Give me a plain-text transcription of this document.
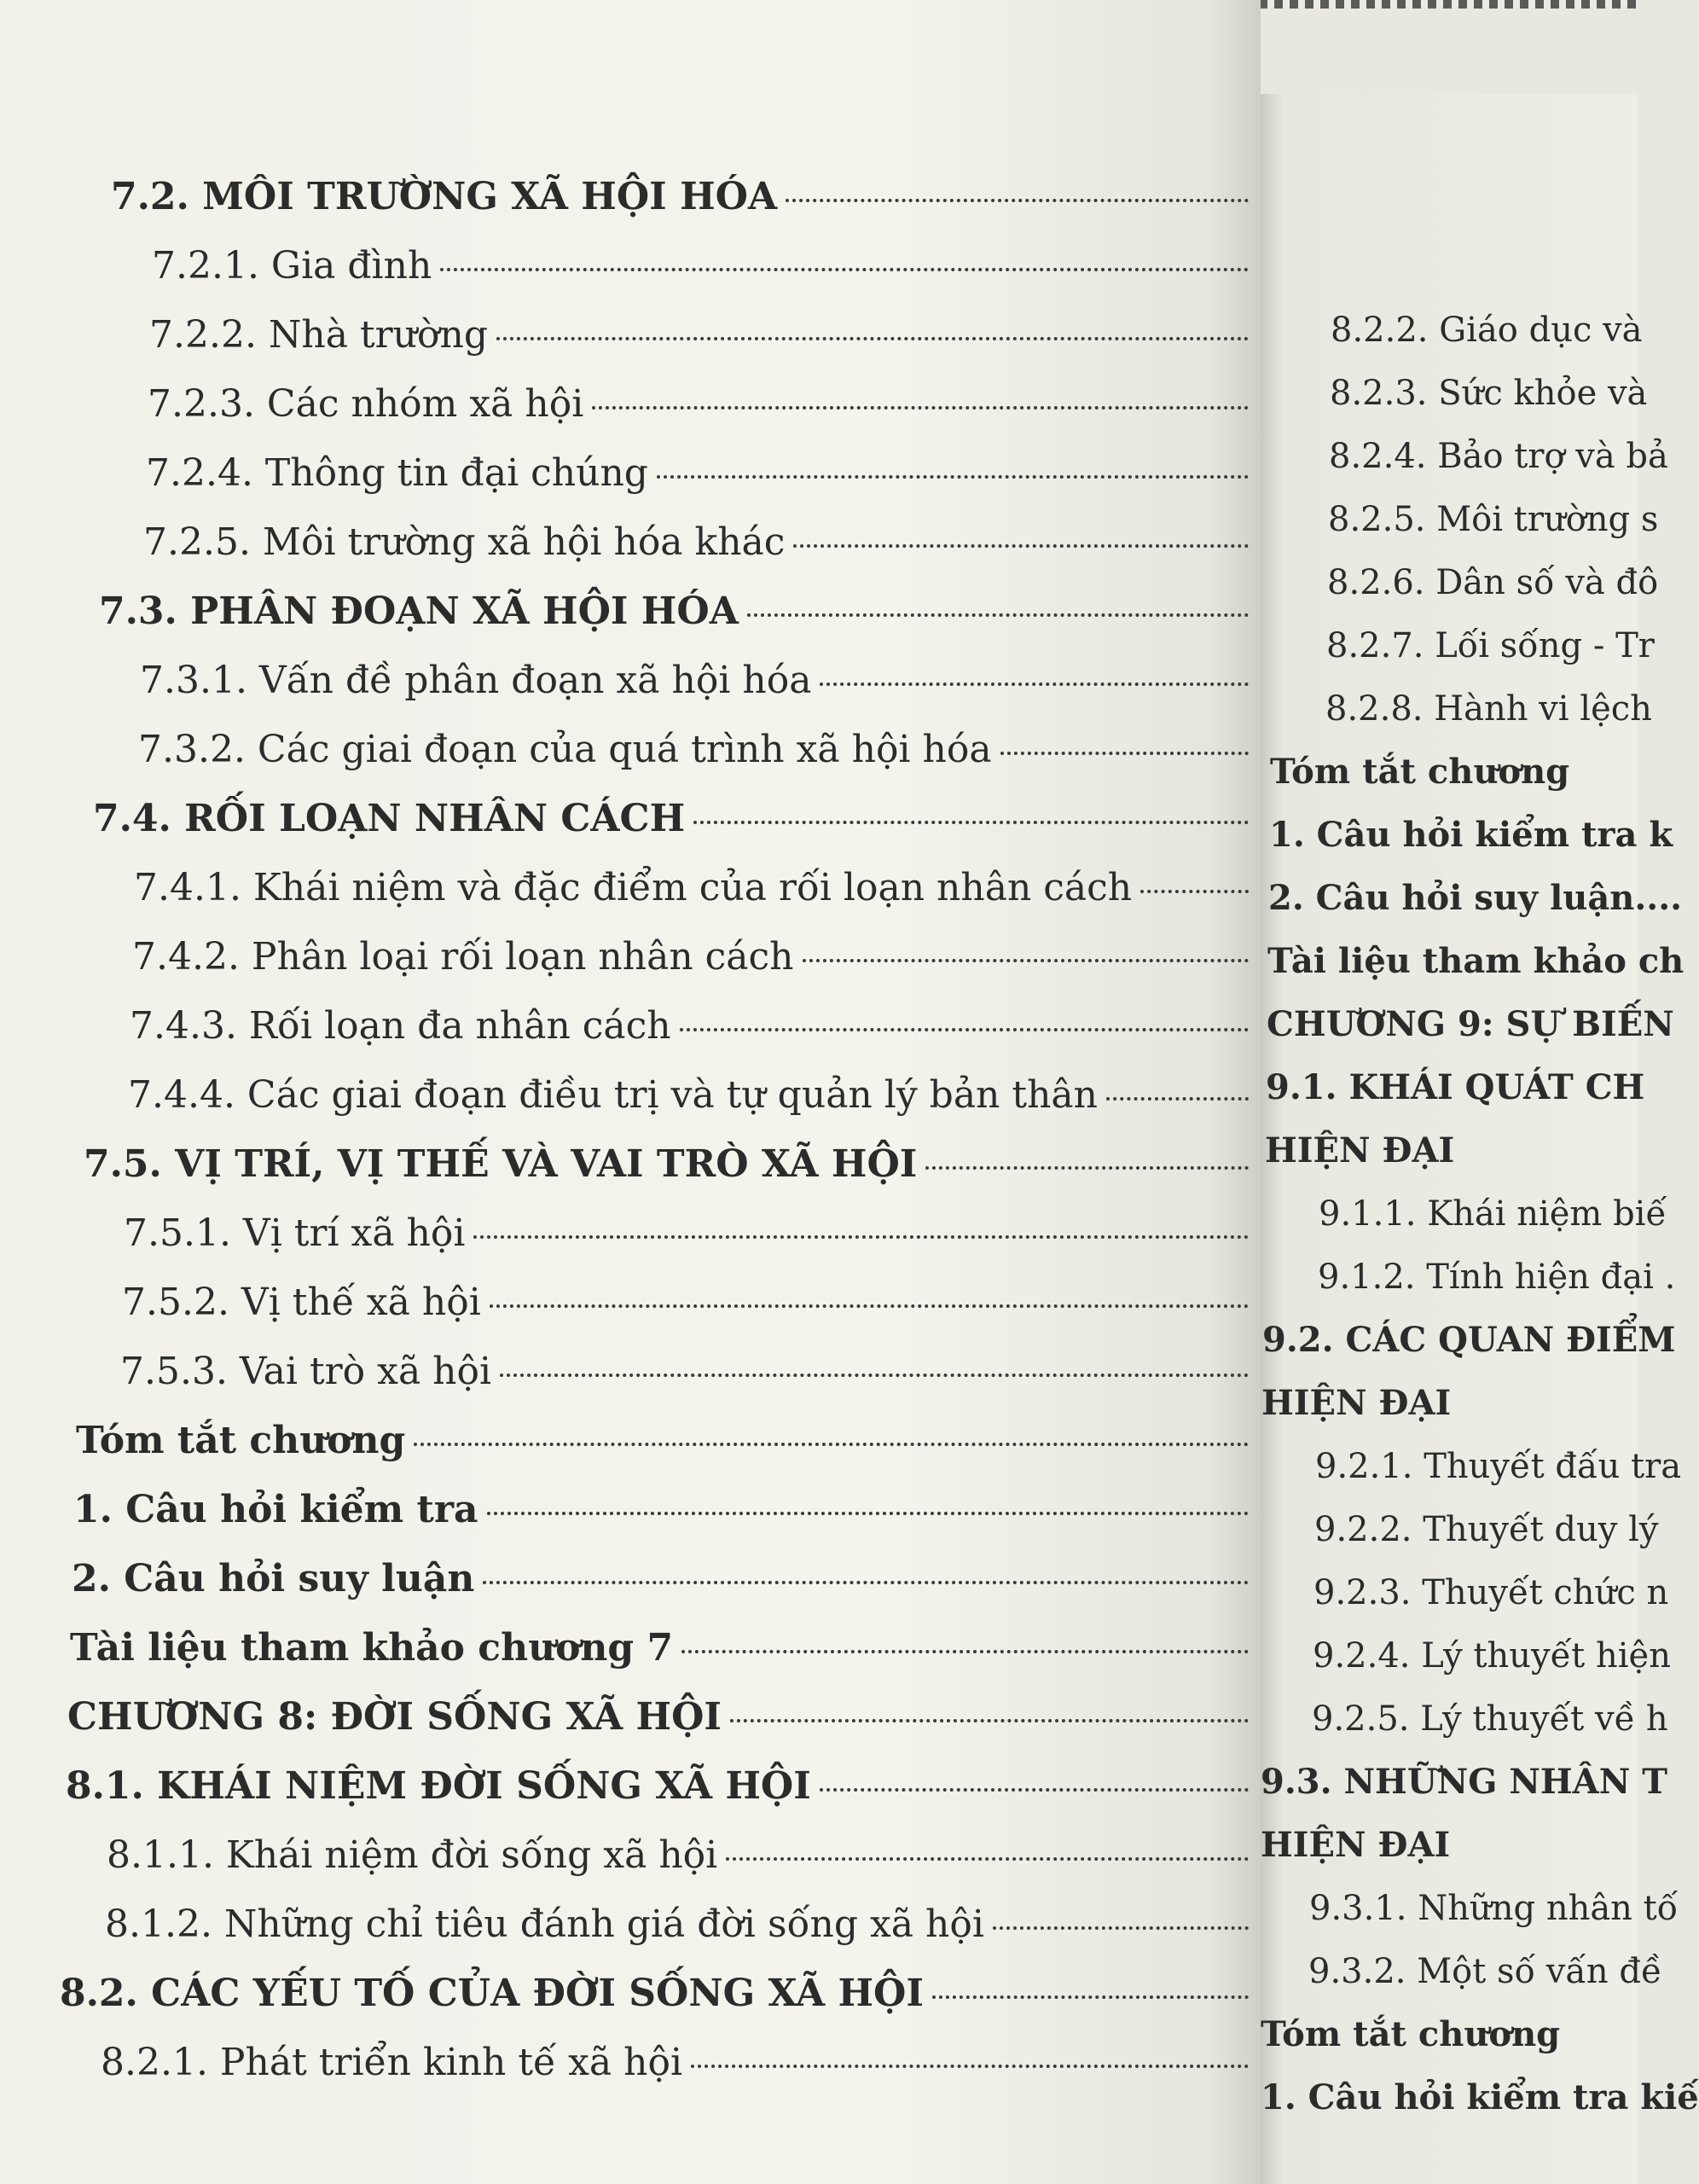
7.2. MÔI TRƯỜNG XÃ HỘI HÓA
7.2.1. Gia đình
7.2.2. Nhà trường
7.2.3. Các nhóm xã hội
7.2.4. Thông tin đại chúng
7.2.5. Môi trường xã hội hóa khác
7.3. PHÂN ĐOẠN XÃ HỘI HÓA
7.3.1. Vấn đề phân đoạn xã hội hóa
7.3.2. Các giai đoạn của quá trình xã hội hóa
7.4. RỐI LOẠN NHÂN CÁCH
7.4.1. Khái niệm và đặc điểm của rối loạn nhân cách
7.4.2. Phân loại rối loạn nhân cách
7.4.3. Rối loạn đa nhân cách
7.4.4. Các giai đoạn điều trị và tự quản lý bản thân
7.5. VỊ TRÍ, VỊ THẾ VÀ VAI TRÒ XÃ HỘI
7.5.1. Vị trí xã hội
7.5.2. Vị thế xã hội
7.5.3. Vai trò xã hội
Tóm tắt chương
1. Câu hỏi kiểm tra
2. Câu hỏi suy luận
Tài liệu tham khảo chương 7
CHƯƠNG 8: ĐỜI SỐNG XÃ HỘI
8.1. KHÁI NIỆM ĐỜI SỐNG XÃ HỘI
8.1.1. Khái niệm đời sống xã hội
8.1.2. Những chỉ tiêu đánh giá đời sống xã hội
8.2. CÁC YẾU TỐ CỦA ĐỜI SỐNG XÃ HỘI
8.2.1. Phát triển kinh tế xã hội
8.2.2. Giáo dục và
8.2.3. Sức khỏe và
8.2.4. Bảo trợ và bả
8.2.5. Môi trường s
8.2.6. Dân số và đô
8.2.7. Lối sống - Tr
8.2.8. Hành vi lệch
Tóm tắt chương
1. Câu hỏi kiểm tra k
2. Câu hỏi suy luận....
Tài liệu tham khảo ch
CHƯƠNG 9: SỰ BIẾN
9.1. KHÁI QUÁT CH
HIỆN ĐẠI
9.1.1. Khái niệm biế
9.1.2. Tính hiện đại .
9.2. CÁC QUAN ĐIỂM
HIỆN ĐẠI
9.2.1. Thuyết đấu tra
9.2.2. Thuyết duy lý
9.2.3. Thuyết chức n
9.2.4. Lý thuyết hiện
9.2.5. Lý thuyết về h
9.3. NHỮNG NHÂN T
HIỆN ĐẠI
9.3.1. Những nhân tố
9.3.2. Một số vấn đề
Tóm tắt chương
1. Câu hỏi kiểm tra kiế
